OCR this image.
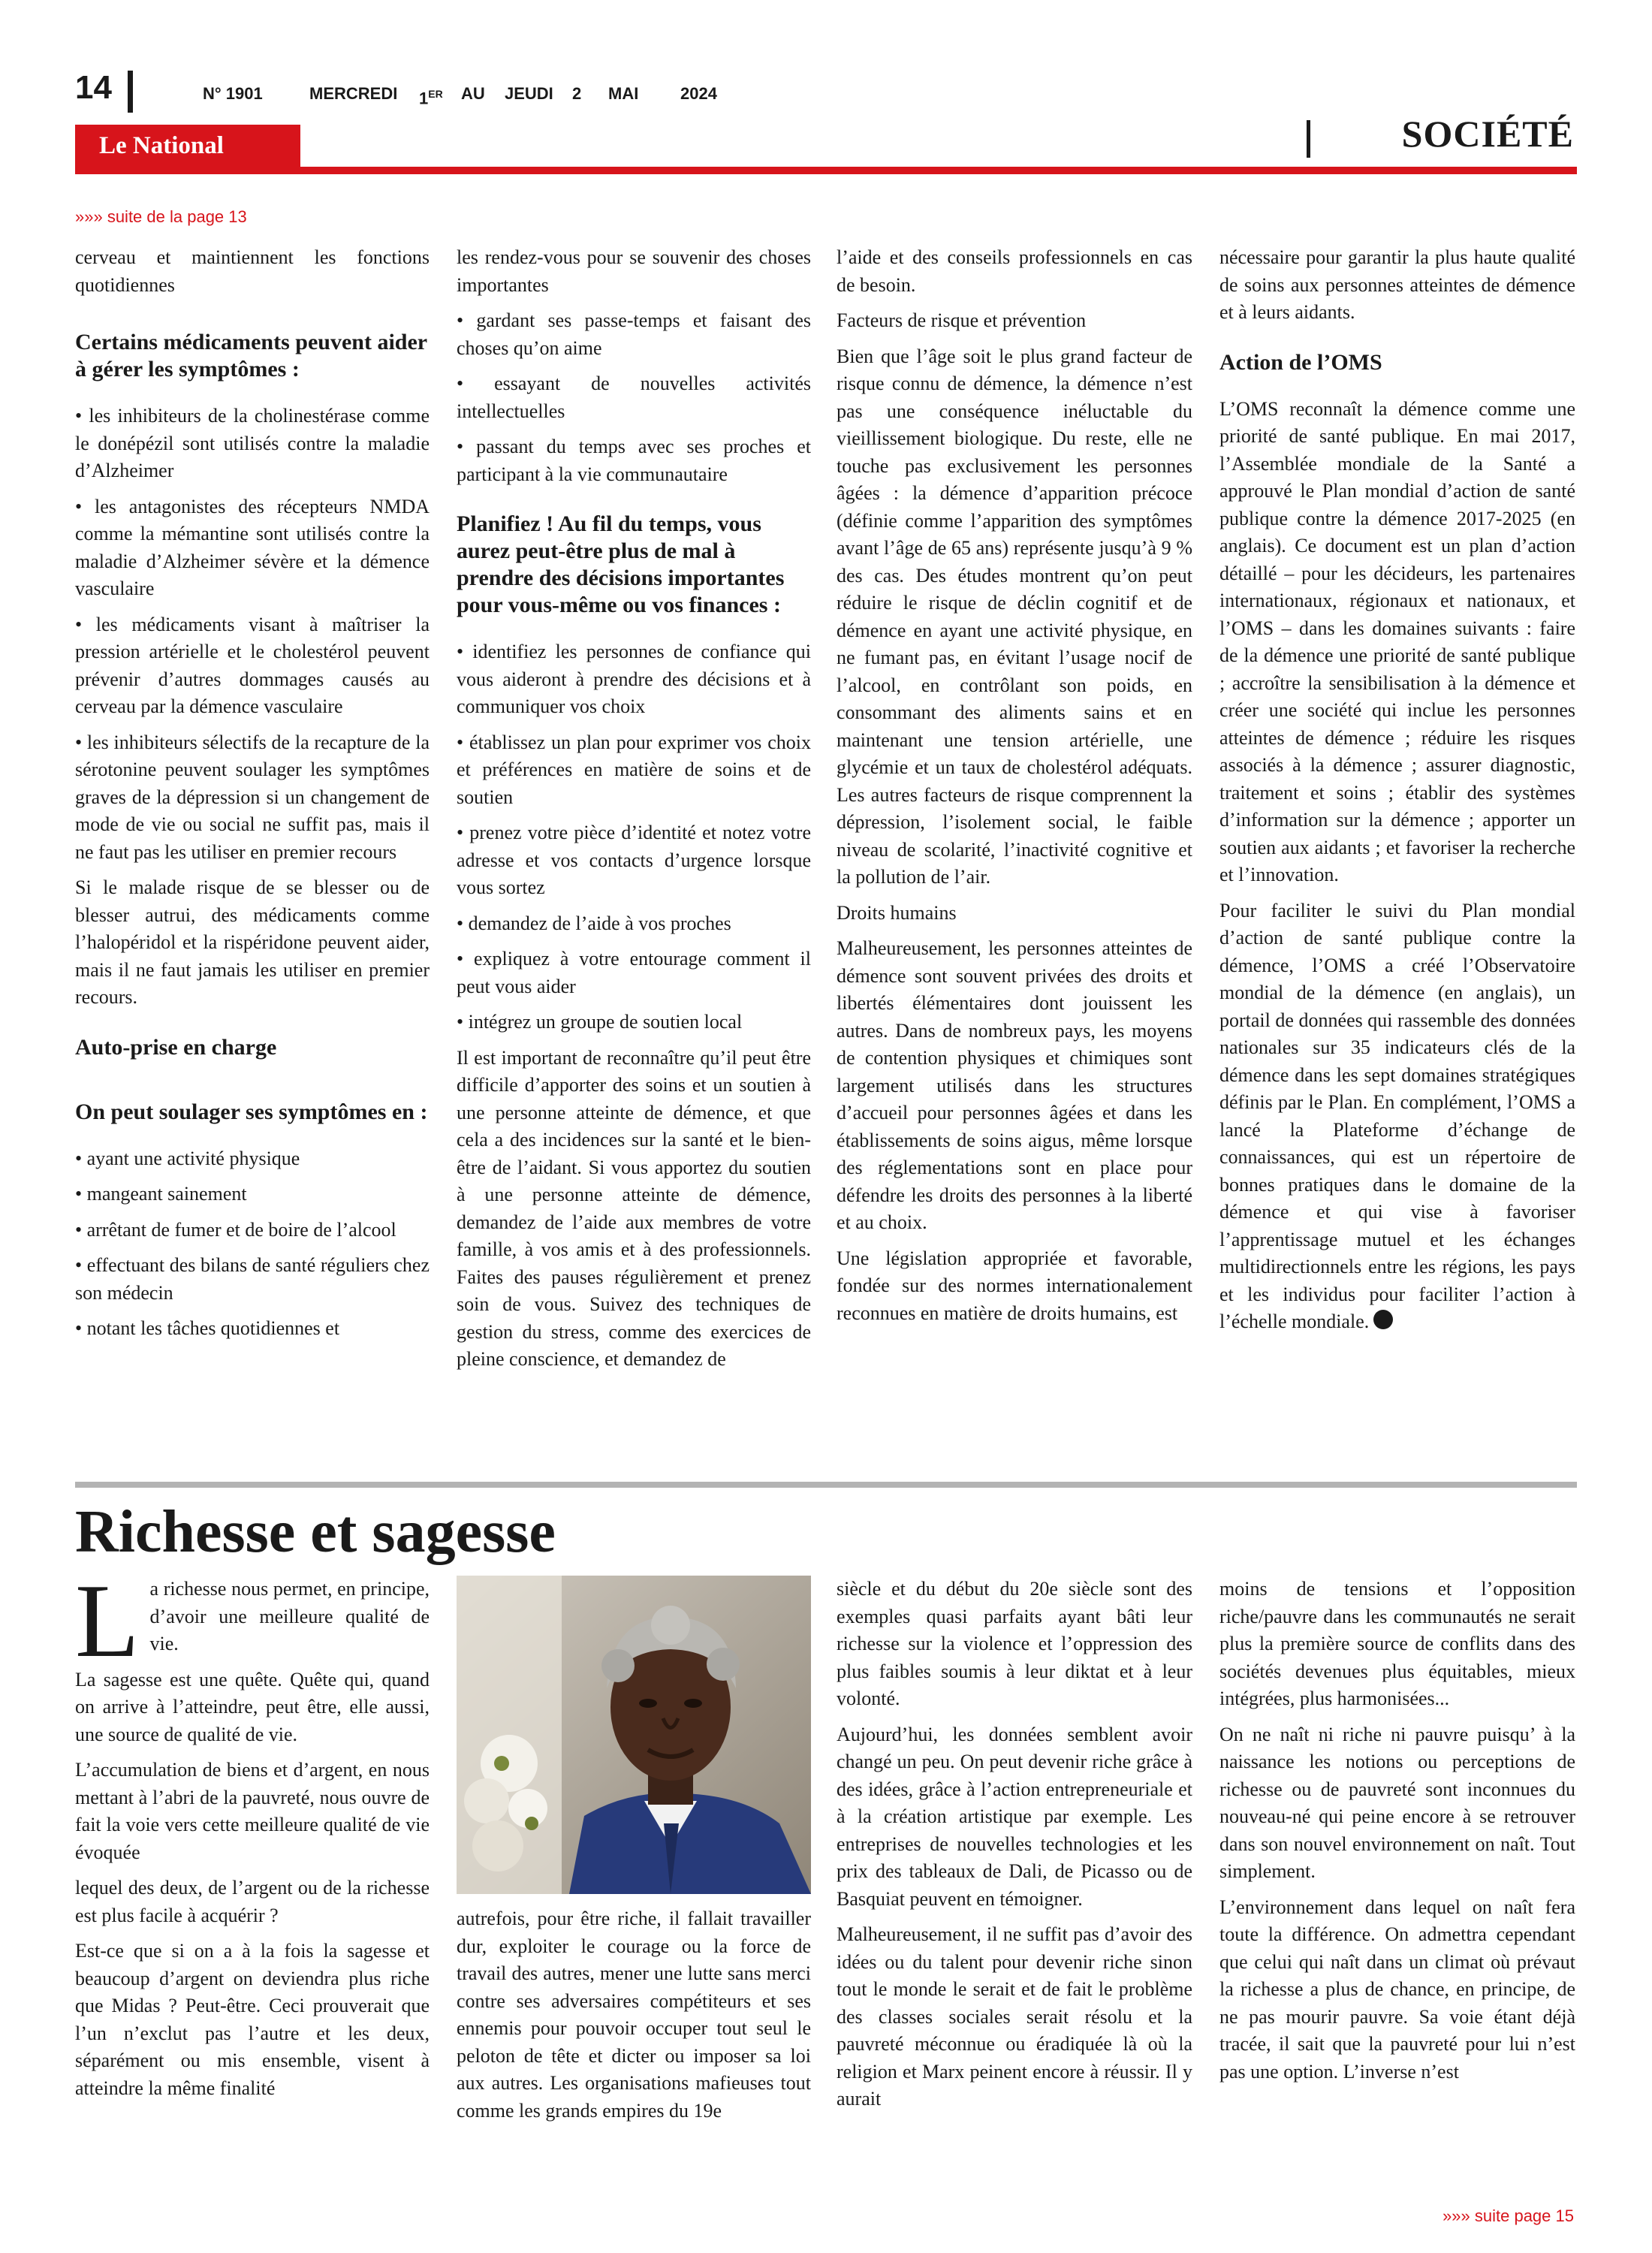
14	N° 1901	MERCREDI 1ER AU JEUDI 2 MAI	2024
SOCIÉTÉ
Le National
»»» suite de la page 13

cerveau et maintiennent les fonctions quotidiennes

Certains médicaments peuvent aider à gérer les symptômes :

• les inhibiteurs de la cholinestérase comme le donépézil sont utilisés contre la maladie d’Alzheimer

• les antagonistes des récepteurs NMDA comme la mémantine sont utilisés contre la maladie d’Alzheimer sévère et la démence vasculaire

• les médicaments visant à maîtriser la pression artérielle et le cholestérol peuvent prévenir d’autres dommages causés au cerveau par la démence vasculaire

• les inhibiteurs sélectifs de la recapture de la sérotonine peuvent soulager les symptômes graves de la dépression si un changement de mode de vie ou social ne suffit pas, mais il ne faut pas les utiliser en premier recours

Si le malade risque de se blesser ou de blesser autrui, des médicaments comme l’halopéridol et la rispéridone peuvent aider, mais il ne faut jamais les utiliser en premier recours.

Auto-prise en charge
On peut soulager ses symptômes en :

• ayant une activité physique

• mangeant sainement

• arrêtant de fumer et de boire de l’alcool

• effectuant des bilans de santé réguliers chez son médecin

• notant les tâches quotidiennes et

les rendez-vous pour se souvenir des choses importantes

• gardant ses passe-temps et faisant des choses qu’on aime

• essayant de nouvelles activités intellectuelles

• passant du temps avec ses proches et participant à la vie communautaire

Planifiez ! Au fil du temps, vous aurez peut-être plus de mal à prendre des décisions importantes pour vous-même ou vos finances :

• identifiez les personnes de confiance qui vous aideront à prendre des décisions et à communiquer vos choix

• établissez un plan pour exprimer vos choix et préférences en matière de soins et de soutien

• prenez votre pièce d’identité et notez votre adresse et vos contacts d’urgence lorsque vous sortez

• demandez de l’aide à vos proches

• expliquez à votre entourage comment il peut vous aider

• intégrez un groupe de soutien local

Il est important de reconnaître qu’il peut être difficile d’apporter des soins et un soutien à une personne atteinte de démence, et que cela a des incidences sur la santé et le bien-être de l’aidant. Si vous apportez du soutien à une personne atteinte de démence, demandez de l’aide aux membres de votre famille, à vos amis et à des professionnels. Faites des pauses régulièrement et prenez soin de vous. Suivez des techniques de gestion du stress, comme des exercices de pleine conscience, et demandez de

l’aide et des conseils professionnels en cas de besoin.

Facteurs de risque et prévention

Bien que l’âge soit le plus grand facteur de risque connu de démence, la démence n’est pas une conséquence inéluctable du vieillissement biologique. Du reste, elle ne touche pas exclusivement les personnes âgées : la démence d’apparition précoce (définie comme l’apparition des symptômes avant l’âge de 65 ans) représente jusqu’à 9 % des cas. Des études montrent qu’on peut réduire le risque de déclin cognitif et de démence en ayant une activité physique, en ne fumant pas, en évitant l’usage nocif de l’alcool, en contrôlant son poids, en consommant des aliments sains et en maintenant une tension artérielle, une glycémie et un taux de cholestérol adéquats. Les autres facteurs de risque comprennent la dépression, l’isolement social, le faible niveau de scolarité, l’inactivité cognitive et la pollution de l’air.

Droits humains

Malheureusement, les personnes atteintes de démence sont souvent privées des droits et libertés élémentaires dont jouissent les autres. Dans de nombreux pays, les moyens de contention physiques et chimiques sont largement utilisés dans les structures d’accueil pour personnes âgées et dans les établissements de soins aigus, même lorsque des réglementations sont en place pour défendre les droits des personnes à la liberté et au choix.

Une législation appropriée et favorable, fondée sur des normes internationalement reconnues en matière de droits humains, est

nécessaire pour garantir la plus haute qualité de soins aux personnes atteintes de démence et à leurs aidants.

Action de l’OMS

L’OMS reconnaît la démence comme une priorité de santé publique. En mai 2017, l’Assemblée mondiale de la Santé a approuvé le Plan mondial d’action de santé publique contre la démence 2017-2025 (en anglais). Ce document est un plan d’action détaillé – pour les décideurs, les partenaires internationaux, régionaux et nationaux, et l’OMS – dans les domaines suivants : faire de la démence une priorité de santé publique ; accroître la sensibilisation à la démence et créer une société qui inclue les personnes atteintes de démence ; réduire les risques associés à la démence ; assurer diagnostic, traitement et soins ; établir des systèmes d’information sur la démence ; apporter un soutien aux aidants ; et favoriser la recherche et l’innovation.

Pour faciliter le suivi du Plan mondial d’action de santé publique contre la démence, l’OMS a créé l’Observatoire mondial de la démence (en anglais), un portail de données qui rassemble des données nationales sur 35 indicateurs clés de la démence dans les sept domaines stratégiques définis par le Plan. En complément, l’OMS a lancé la Plateforme d’échange de connaissances, qui est un répertoire de bonnes pratiques dans le domaine de la démence et qui vise à favoriser l’apprentissage mutuel et les échanges multidirectionnels entre les régions, les pays et les individus pour faciliter l’action à l’échelle mondiale.

Richesse et sagesse

La richesse nous permet, en principe, d’avoir une meilleure qualité de vie.

La sagesse est une quête. Quête qui, quand on arrive à l’atteindre, peut être, elle aussi, une source de qualité de vie.

L’accumulation de biens et d’argent, en nous mettant à l’abri de la pauvreté, nous ouvre de fait la voie vers cette meilleure qualité de vie évoquée

lequel des deux, de l’argent ou de la richesse est plus facile à acquérir ?

Est-ce que si on a à la fois la sagesse et beaucoup d’argent on deviendra plus riche que Midas ? Peut-être. Ceci prouverait que l’un n’exclut pas l’autre et les deux, séparément ou mis ensemble, visent à atteindre la même finalité

autrefois, pour être riche, il fallait travailler dur, exploiter le courage ou la force de travail des autres, mener une lutte sans merci contre ses adversaires compétiteurs et ses ennemis pour pouvoir occuper tout seul le peloton de tête et dicter ou imposer sa loi aux autres. Les organisations mafieuses tout comme les grands empires du 19e

siècle et du début du 20e siècle sont des exemples quasi parfaits ayant bâti leur richesse sur la violence et l’oppression des plus faibles soumis à leur diktat et à leur volonté.

Aujourd’hui, les données semblent avoir changé un peu. On peut devenir riche grâce à des idées, grâce à l’action entrepreneuriale et à la création artistique par exemple. Les entreprises de nouvelles technologies et les prix des tableaux de Dali, de Picasso ou de Basquiat peuvent en témoigner.

Malheureusement, il ne suffit pas d’avoir des idées ou du talent pour devenir riche sinon tout le monde le serait et de fait le problème des classes sociales serait résolu et la pauvreté méconnue ou éradiquée là où la religion et Marx peinent encore à réussir. Il y aurait

moins de tensions et l’opposition riche/pauvre dans les communautés ne serait plus la première source de conflits dans des sociétés devenues plus équitables, mieux intégrées, plus harmonisées...

On ne naît ni riche ni pauvre puisqu’ à la naissance les notions ou perceptions de richesse ou de pauvreté sont inconnues du nouveau-né qui peine encore à se retrouver dans son nouvel environnement on naît. Tout simplement.

L’environnement dans lequel on naît fera toute la différence. On admettra cependant que celui qui naît dans un climat où prévaut la richesse a plus de chance, en principe, de ne pas mourir pauvre. Sa voie étant déjà tracée, il sait que la pauvreté pour lui n’est pas une option. L’inverse n’est

»»» suite page 15
